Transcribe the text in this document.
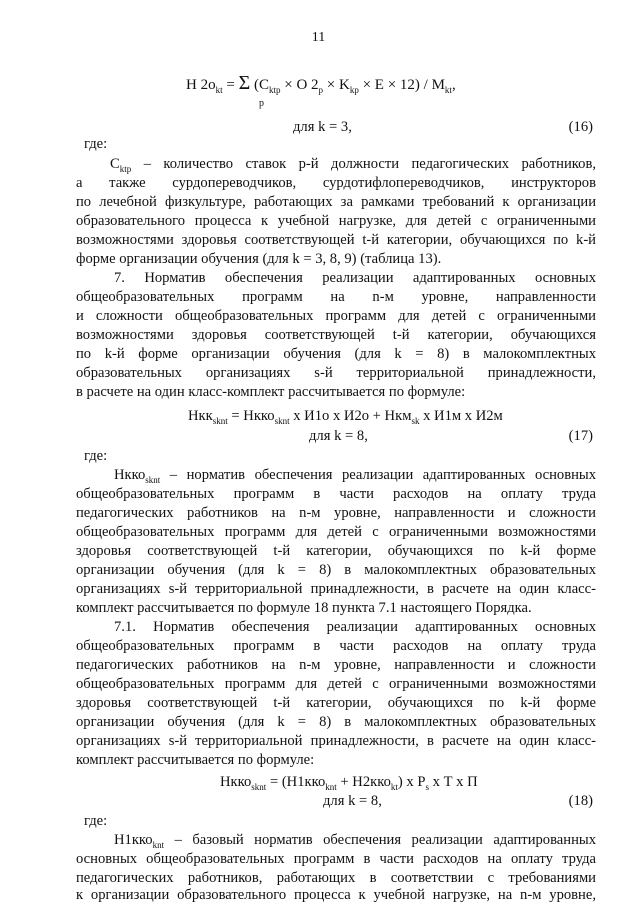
11
H $2o_{kt} = \Sigma$ ($C_{ktp} \times O$ $2_p \times K_{kp} \times E \times 12) / M_{kt}$,
p
для k = 3,	(16)
где:
$C_{ktp}$ – количество ставок р-й должности педагогических работников,
а также сурдопереводчиков, сурдотифлопереводчиков, инструкторов
по лечебной физкультуре, работающих за рамками требований к организации
образовательного процесса к учебной нагрузке, для детей с ограниченными
возможностями здоровья соответствующей t-й категории, обучающихся по k-й
форме организации обучения (для k = 3, 8, 9) (таблица 13).
7. Норматив обеспечения реализации адаптированных основных
общеобразовательных программ на n-м уровне, направленности
и сложности общеобразовательных программ для детей с ограниченными
возможностями здоровья соответствующей t-й категории, обучающихся
по k-й форме организации обучения (для k = 8) в малокомплектных
образовательных организациях s-й территориальной принадлежности,
в расчете на один класс-комплект рассчитывается по формуле:
Нкк$_{sknt}$ = Нкко$_{sknt}$ х И1о х И2о + Нкм$_{sk}$ х И1м х И2м
для k = 8,	(17)
где:
Нкко$_{sknt}$ – норматив обеспечения реализации адаптированных основных
общеобразовательных программ в части расходов на оплату труда
педагогических работников на n-м уровне, направленности и сложности
общеобразовательных программ для детей с ограниченными возможностями
здоровья соответствующей t-й категории, обучающихся по k-й форме
организации обучения (для k = 8) в малокомплектных образовательных
организациях s-й территориальной принадлежности, в расчете на один класс-
комплект рассчитывается по формуле 18 пункта 7.1 настоящего Порядка.
7.1. Норматив обеспечения реализации адаптированных основных
общеобразовательных программ в части расходов на оплату труда
педагогических работников на n-м уровне, направленности и сложности
общеобразовательных программ для детей с ограниченными возможностями
здоровья соответствующей t-й категории, обучающихся по k-й форме
организации обучения (для k = 8) в малокомплектных образовательных
организациях s-й территориальной принадлежности, в расчете на один класс-
комплект рассчитывается по формуле:
Нкко$_{sknt}$ = (Н1кко$_{knt}$ + Н2кко$_{kt}$) х $P_s$ х Т х П
для k = 8,	(18)
где:
Н1кко$_{knt}$ – базовый норматив обеспечения реализации адаптированных
основных общеобразовательных программ в части расходов на оплату труда
педагогических работников, работающих в соответствии с требованиями
к организации образовательного процесса к учебной нагрузке, на n-м уровне,
